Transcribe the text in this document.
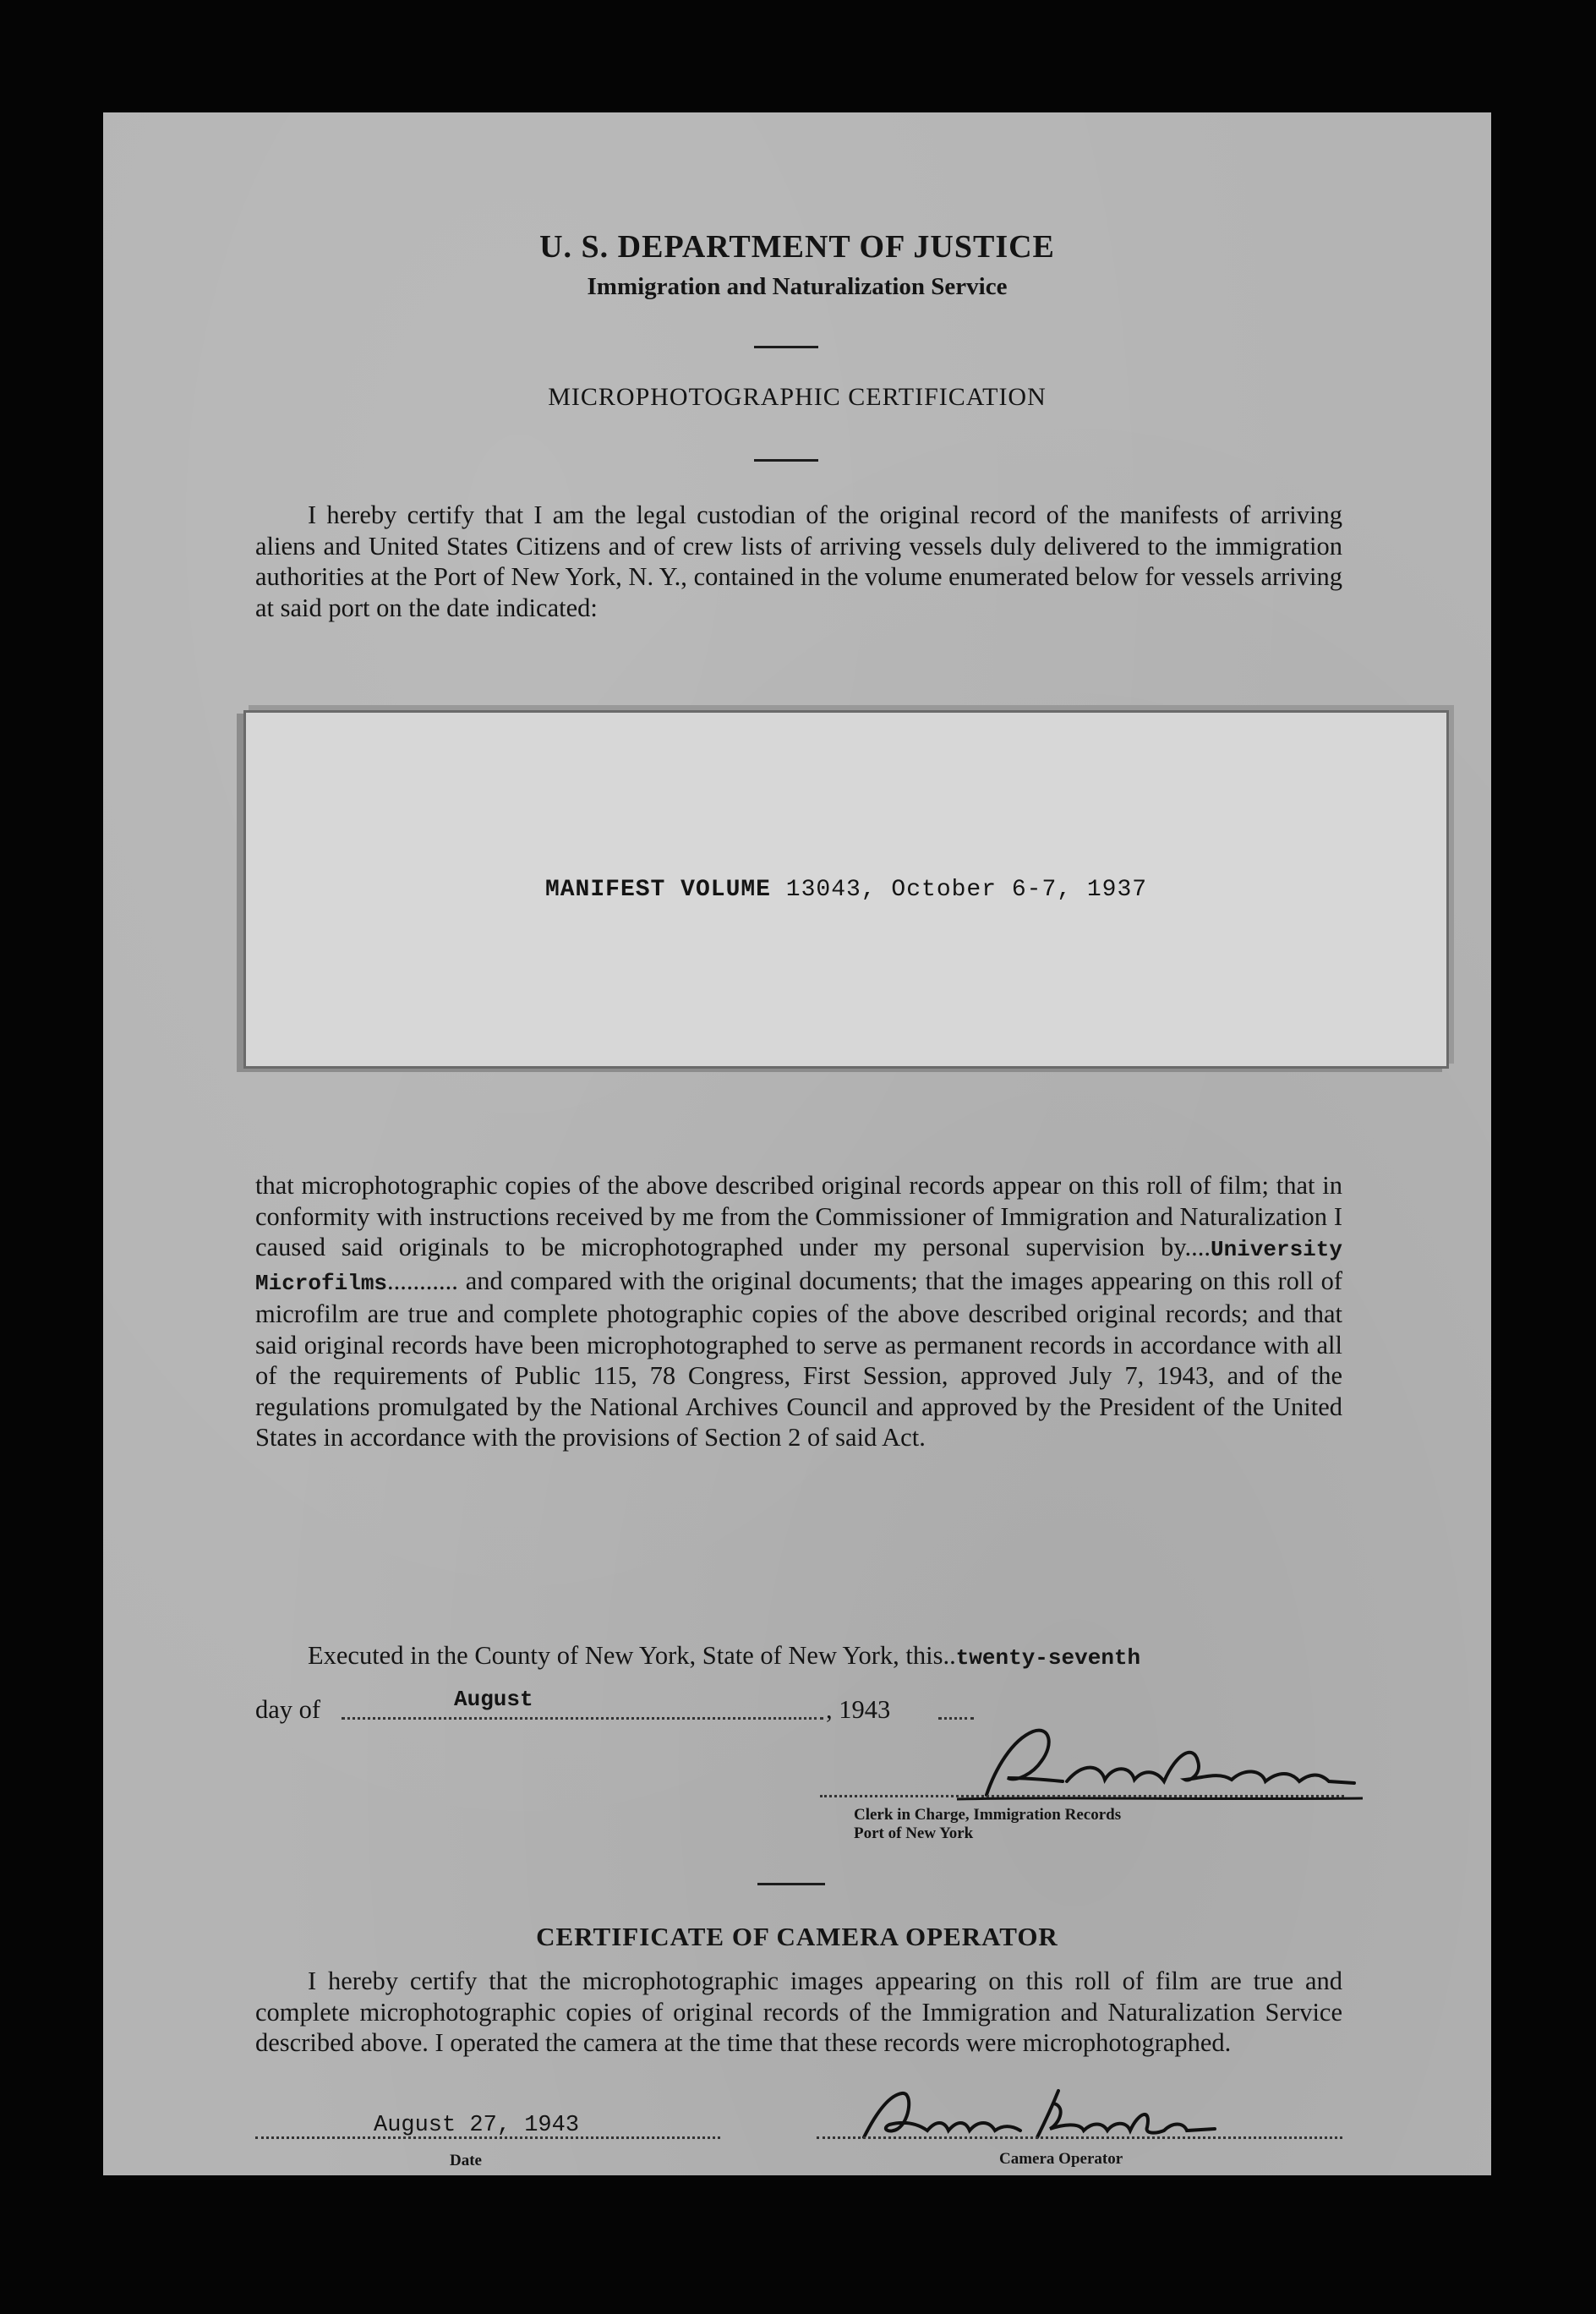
U. S. DEPARTMENT OF JUSTICE
Immigration and Naturalization Service
MICROPHOTOGRAPHIC CERTIFICATION

I hereby certify that I am the legal custodian of the original record of the manifests of arriving aliens and United States Citizens and of crew lists of arriving vessels duly delivered to the immigration authorities at the Port of New York, N. Y., contained in the volume enumerated below for vessels arriving at said port on the date indicated:

MANIFEST VOLUME
13043, October 6-7, 1937

that microphotographic copies of the above described original records appear on this roll of film; that in conformity with instructions received by me from the Commissioner of Immigration and Naturalization I caused said originals to be microphotographed under my personal supervision by....University Microfilms........... and compared with the original documents; that the images appearing on this roll of microfilm are true and complete photographic copies of the above described original records; and that said original records have been microphotographed to serve as permanent records in accordance with all of the requirements of Public 115, 78 Congress, First Session, approved July 7, 1943, and of the regulations promulgated by the National Archives Council and approved by the President of the United States in accordance with the provisions of Section 2 of said Act.

Executed in the County of New York, State of New York, this..twenty-seventh
day of	August	, 1943
Clerk in Charge, Immigration Records
Port of New York
CERTIFICATE OF CAMERA OPERATOR

I hereby certify that the microphotographic images appearing on this roll of film are true and complete microphotographic copies of original records of the Immigration and Naturalization Service described above. I operated the camera at the time that these records were microphotographed.

August 27, 1943
Date	Camera Operator
